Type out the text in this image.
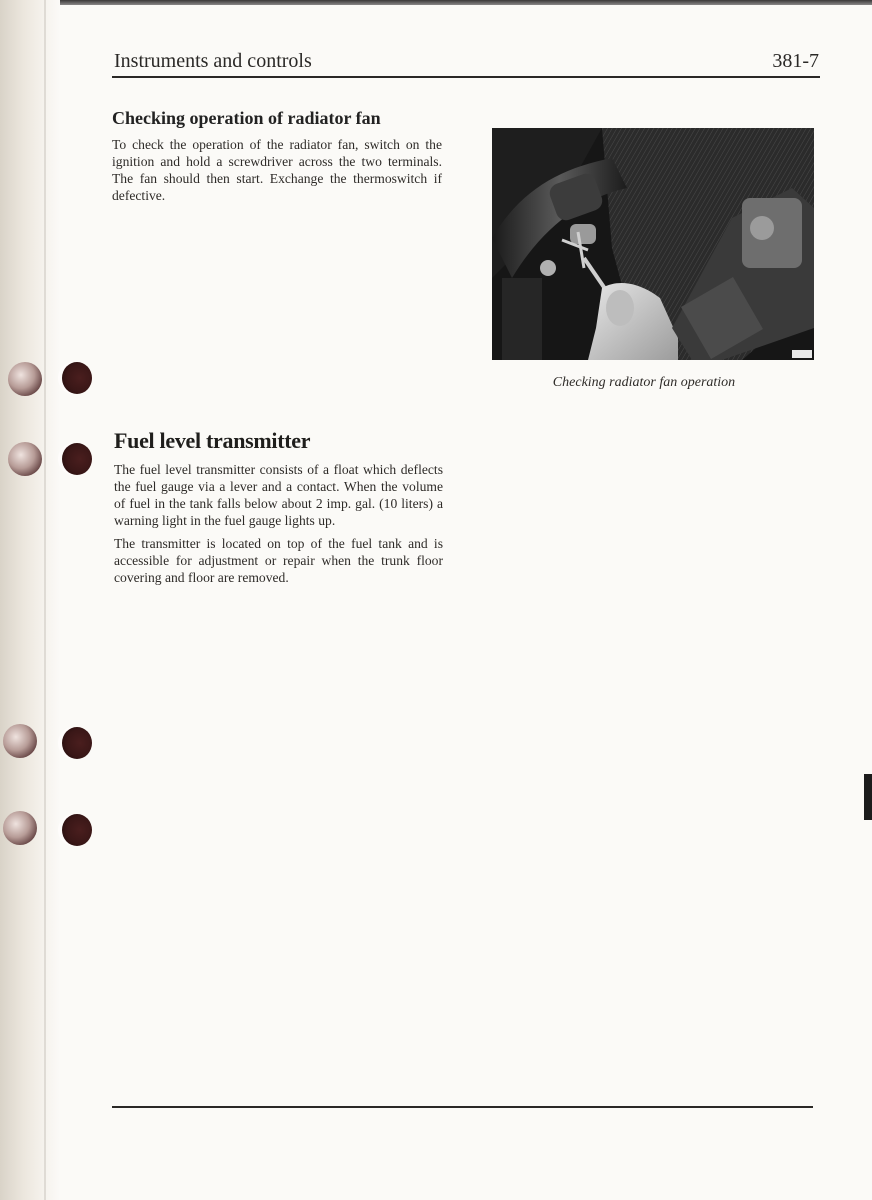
Instruments and controls	381-7
Checking operation of radiator fan

To check the operation of the radiator fan, switch on the ignition and hold a screwdriver across the two terminals. The fan should then start. Exchange the thermoswitch if defective.

Checking radiator fan operation
Fuel level transmitter

The fuel level transmitter consists of a float which deflects the fuel gauge via a lever and a contact. When the volume of fuel in the tank falls below about 2 imp. gal. (10 liters) a warning light in the fuel gauge lights up.

The transmitter is located on top of the fuel tank and is accessible for adjustment or repair when the trunk floor covering and floor are removed.
